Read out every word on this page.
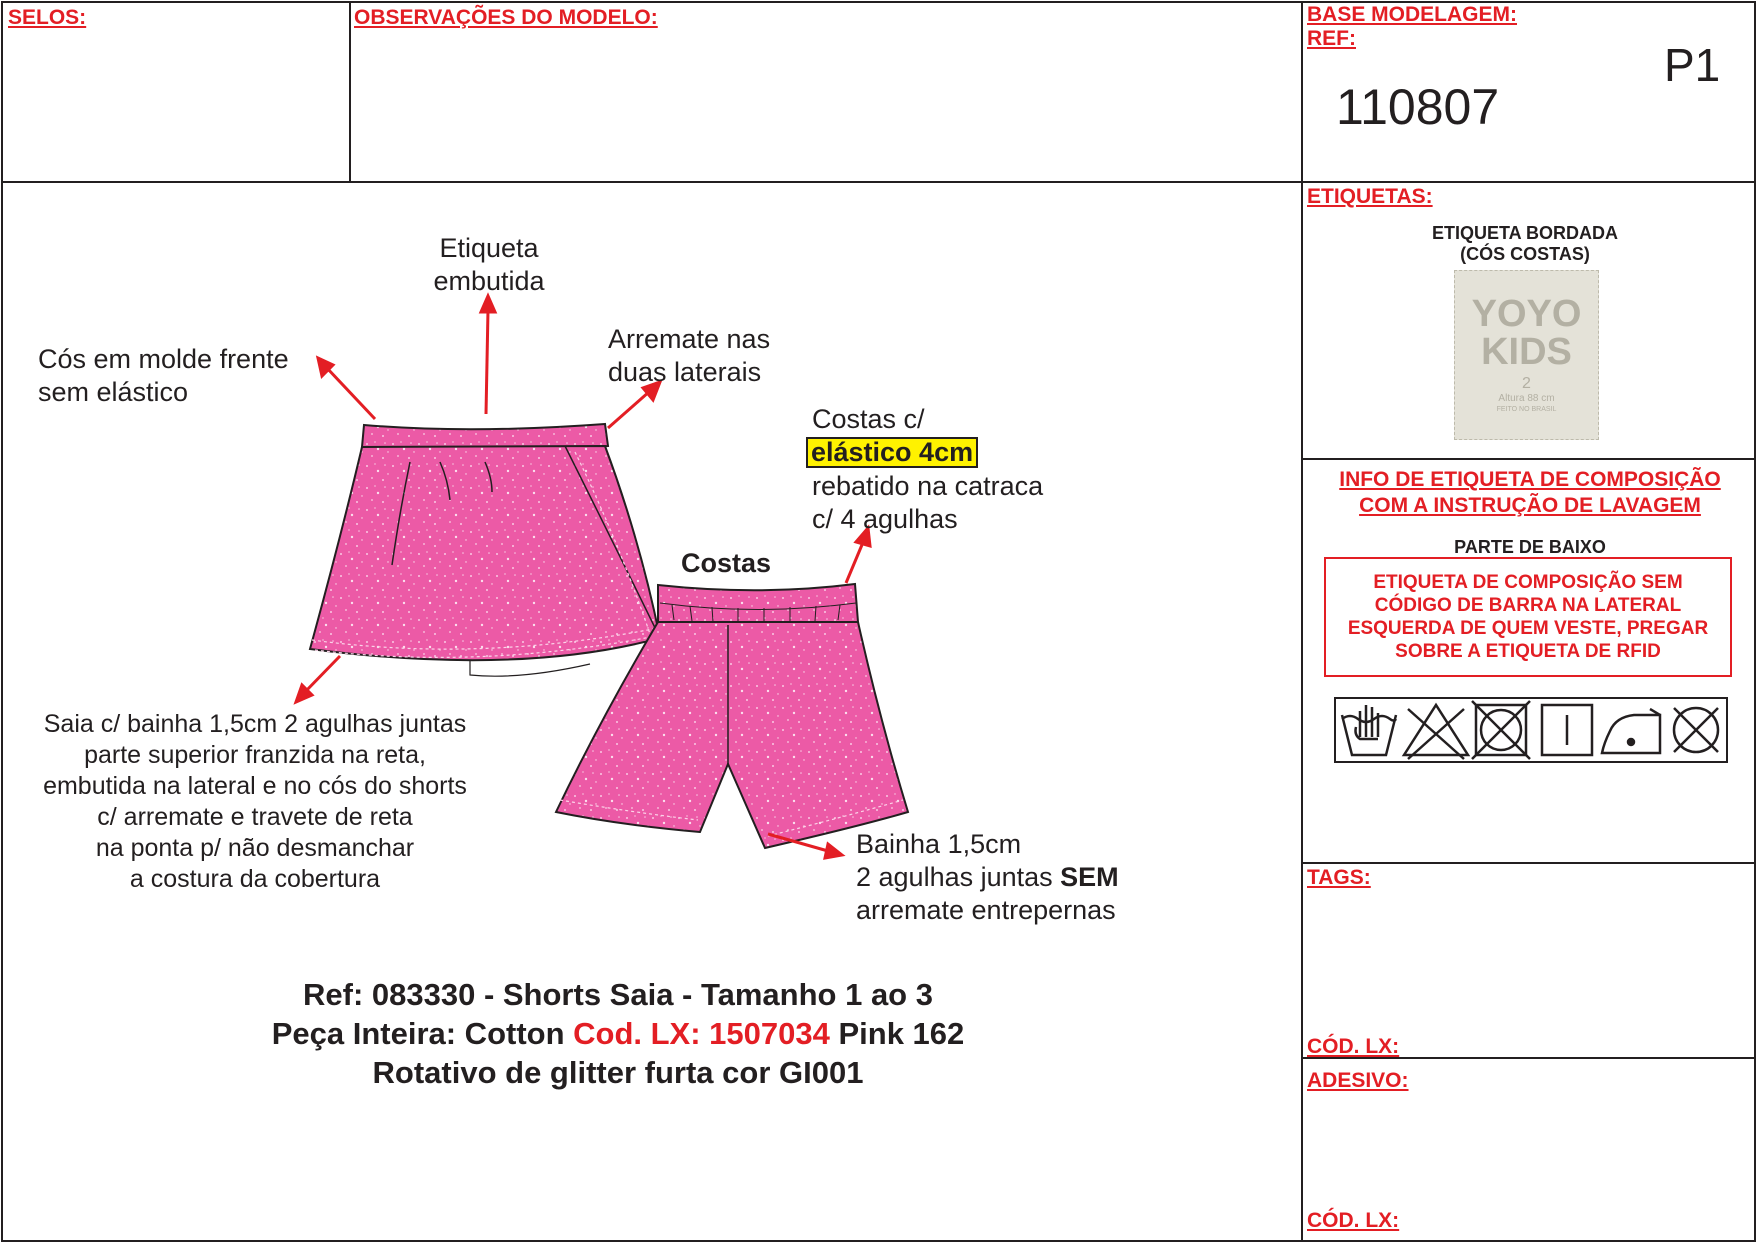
SELOS:	OBSERVAÇÕES DO MODELO:	BASE MODELAGEM:
REF:
110807
P1
Etiqueta
embutida
Cós em molde frente
sem elástico
Arremate nas
duas laterais
Costas c/
elástico 4cm
rebatido na catraca
c/ 4 agulhas
Costas
Saia c/ bainha 1,5cm 2 agulhas juntas
parte superior franzida na reta,
embutida na lateral e no cós do shorts
c/ arremate e travete de reta
na ponta p/ não desmanchar
a costura da cobertura
Bainha 1,5cm
2 agulhas juntas SEM
arremate entrepernas
Ref: 083330 - Shorts Saia - Tamanho 1 ao 3
Peça Inteira: Cotton Cod. LX: 1507034 Pink 162
Rotativo de glitter furta cor GI001
ETIQUETAS:
ETIQUETA BORDADA
(CÓS COSTAS)
YOYO
KIDS
2
Altura 88 cm
FEITO NO BRASIL
INFO DE ETIQUETA DE COMPOSIÇÃO
COM A INSTRUÇÃO DE LAVAGEM
PARTE DE BAIXO
ETIQUETA DE COMPOSIÇÃO SEM
CÓDIGO DE BARRA NA LATERAL
ESQUERDA DE QUEM VESTE, PREGAR
SOBRE A ETIQUETA DE RFID
TAGS:
CÓD. LX:
ADESIVO:
CÓD. LX:
